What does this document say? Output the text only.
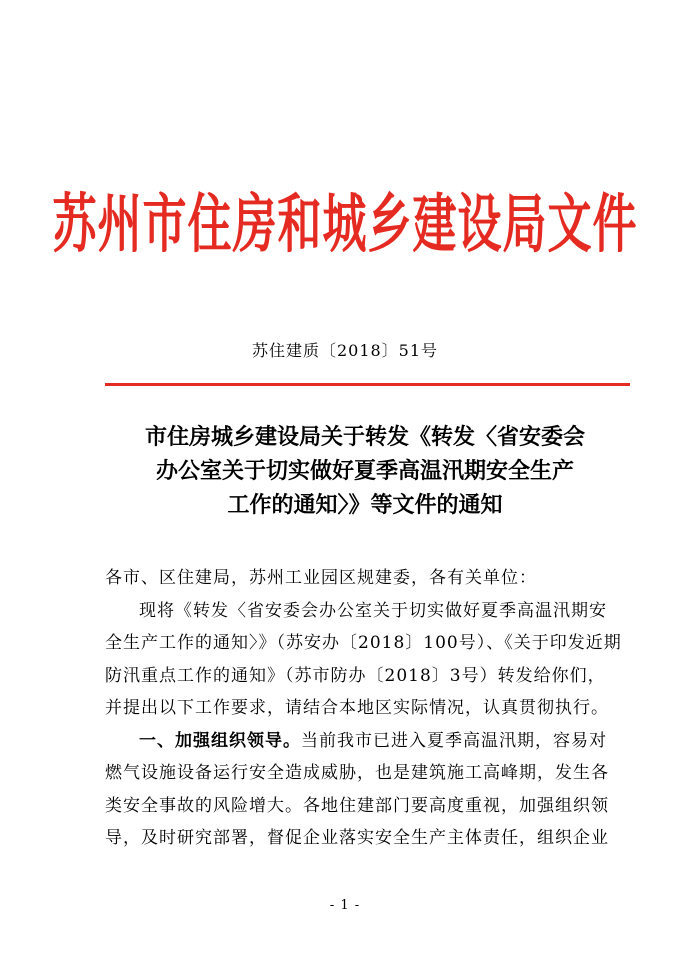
苏州市住房和城乡建设局文件
苏住建质〔2018〕51号
市住房城乡建设局关于转发《转发〈省安委会
办公室关于切实做好夏季高温汛期安全生产
工作的通知〉》等文件的通知
各市、区住建局，苏州工业园区规建委，各有关单位：
现将《转发〈省安委会办公室关于切实做好夏季高温汛期安
全生产工作的通知〉》（苏安办〔2018〕100号）、《关于印发近期
防汛重点工作的通知》（苏市防办〔2018〕3号）转发给你们，
并提出以下工作要求，请结合本地区实际情况，认真贯彻执行。
一、加强组织领导。当前我市已进入夏季高温汛期，容易对
燃气设施设备运行安全造成威胁，也是建筑施工高峰期，发生各
类安全事故的风险增大。各地住建部门要高度重视，加强组织领
导，及时研究部署，督促企业落实安全生产主体责任，组织企业
- 1 -
